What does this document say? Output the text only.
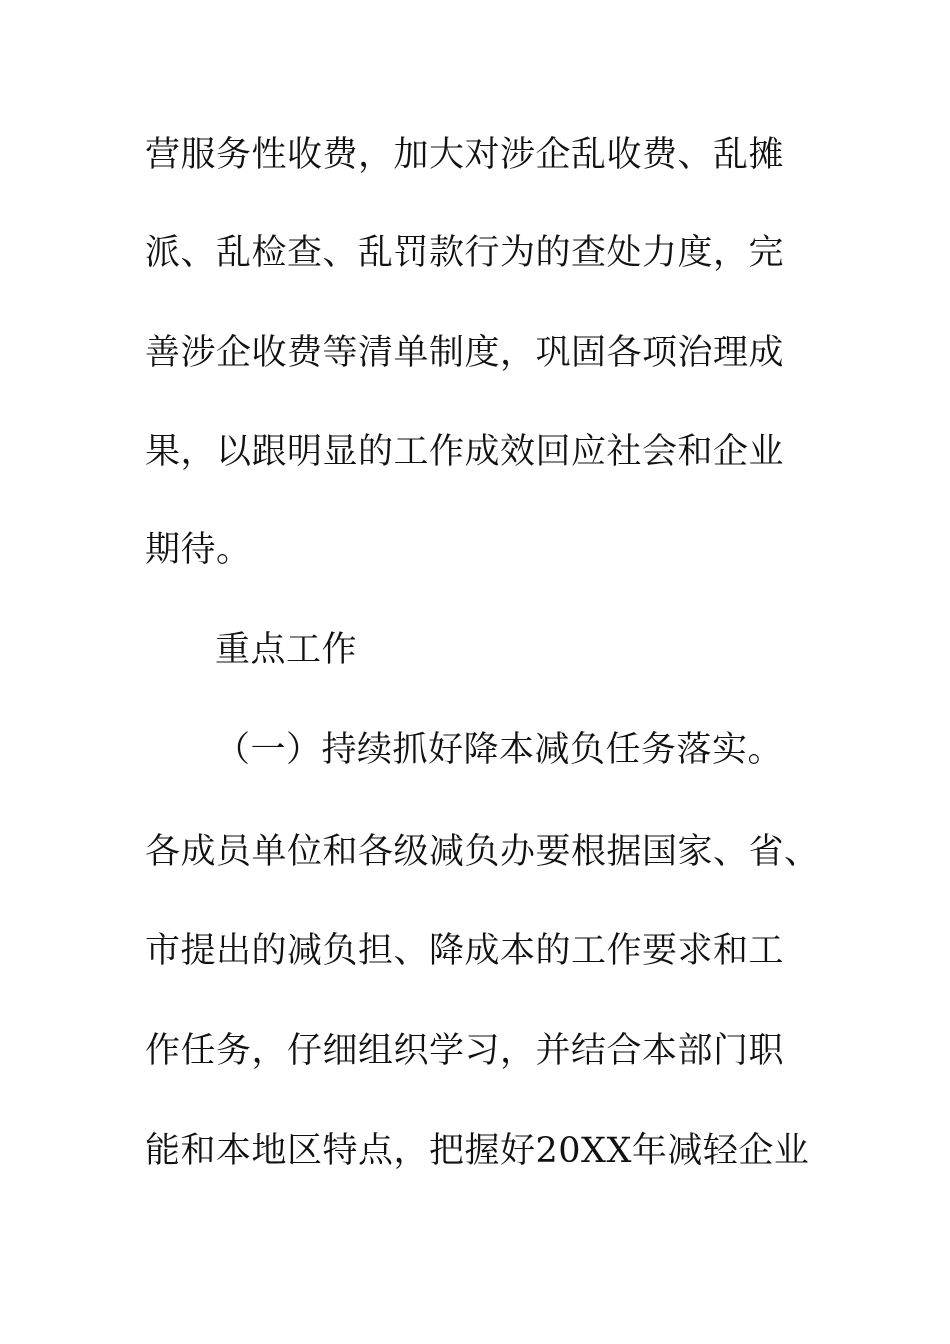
营服务性收费，加大对涉企乱收费、乱摊
派、乱检查、乱罚款行为的查处力度，完
善涉企收费等清单制度，巩固各项治理成
果，以跟明显的工作成效回应社会和企业
期待。
重点工作
（一）持续抓好降本减负任务落实。
各成员单位和各级减负办要根据国家、省、
市提出的减负担、降成本的工作要求和工
作任务，仔细组织学习，并结合本部门职
能和本地区特点，把握好20XX年减轻企业
